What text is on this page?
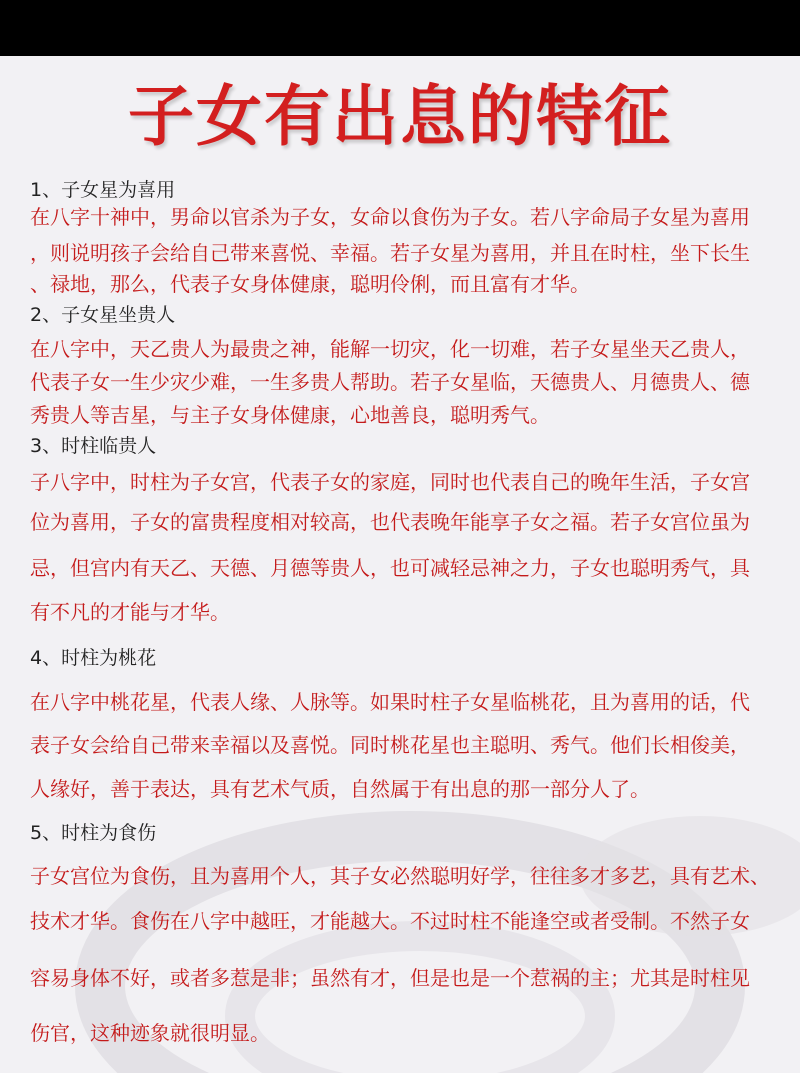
子女有出息的特征
1、子女星为喜用
在八字十神中，男命以官杀为子女，女命以食伤为子女。若八字命局子女星为喜用
，则说明孩子会给自己带来喜悦、幸福。若子女星为喜用，并且在时柱，坐下长生
、禄地，那么，代表子女身体健康，聪明伶俐，而且富有才华。
2、子女星坐贵人
在八字中，天乙贵人为最贵之神，能解一切灾，化一切难，若子女星坐天乙贵人，
代表子女一生少灾少难，一生多贵人帮助。若子女星临，天德贵人、月德贵人、德
秀贵人等吉星，与主子女身体健康，心地善良，聪明秀气。
3、时柱临贵人
子八字中，时柱为子女宫，代表子女的家庭，同时也代表自己的晚年生活，子女宫
位为喜用，子女的富贵程度相对较高，也代表晚年能享子女之福。若子女宫位虽为
忌，但宫内有天乙、天德、月德等贵人，也可减轻忌神之力，子女也聪明秀气，具
有不凡的才能与才华。
4、时柱为桃花
在八字中桃花星，代表人缘、人脉等。如果时柱子女星临桃花，且为喜用的话，代
表子女会给自己带来幸福以及喜悦。同时桃花星也主聪明、秀气。他们长相俊美，
人缘好，善于表达，具有艺术气质，自然属于有出息的那一部分人了。
5、时柱为食伤
子女宫位为食伤，且为喜用个人，其子女必然聪明好学，往往多才多艺，具有艺术、
技术才华。食伤在八字中越旺，才能越大。不过时柱不能逢空或者受制。不然子女
容易身体不好，或者多惹是非；虽然有才，但是也是一个惹祸的主；尤其是时柱见
伤官，这种迹象就很明显。
